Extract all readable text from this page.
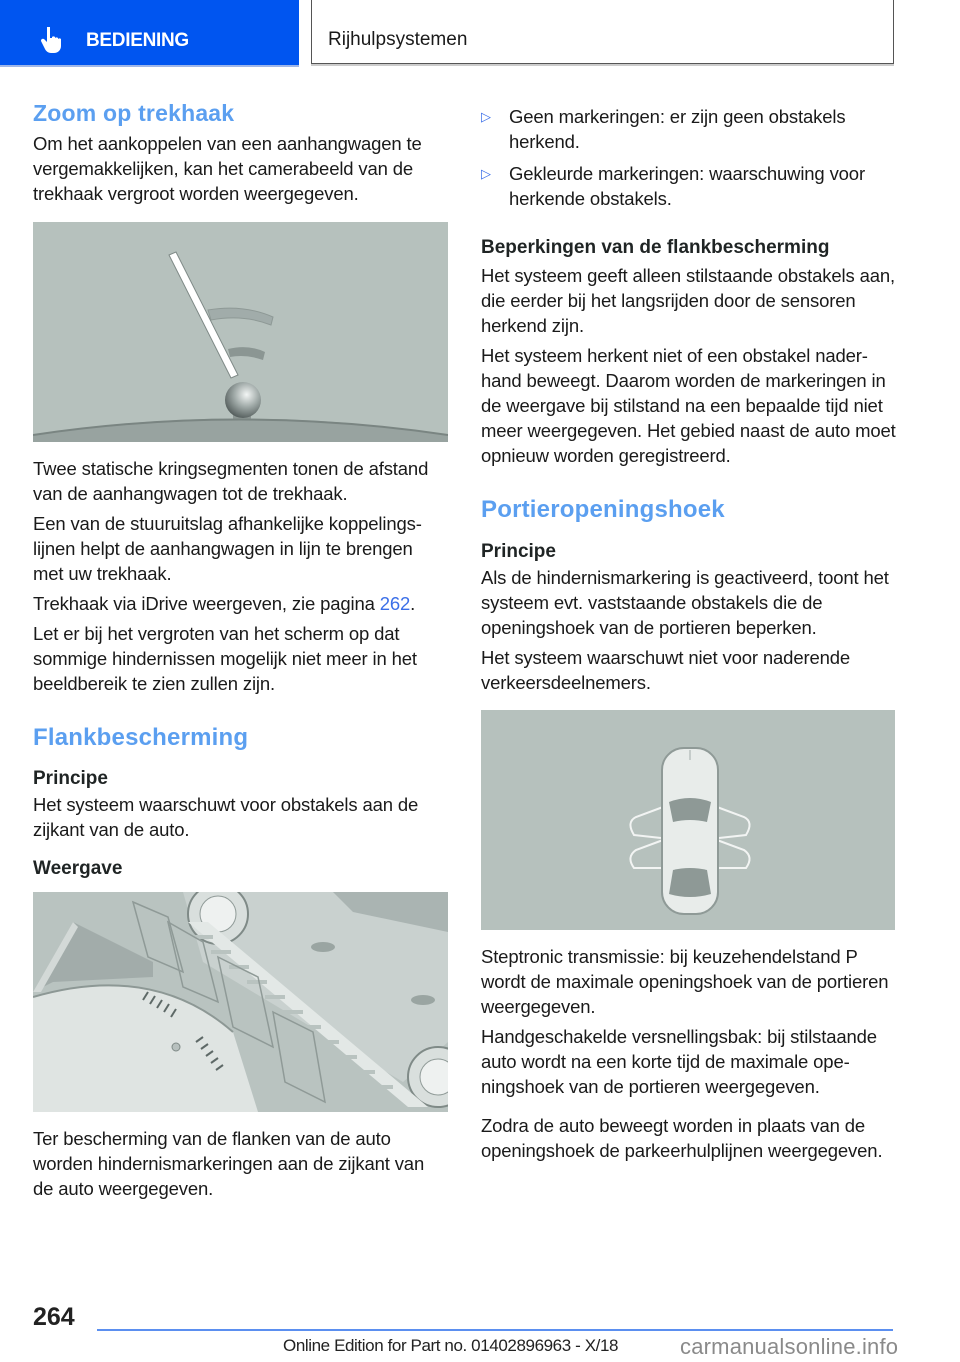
BEDIENING	Rijhulpsystemen
Zoom op trekhaak

Om het aankoppelen van een aanhangwagen te vergemakkelijken, kan het camerabeeld van de trekhaak vergroot worden weergegeven.

Twee statische kringsegmenten tonen de afstand van de aanhangwagen tot de trekhaak.

Een van de stuuruitslag afhankelijke koppelingslijnen helpt de aanhangwagen in lijn te brengen met uw trekhaak.

Trekhaak via iDrive weergeven, zie pagina 262.

Let er bij het vergroten van het scherm op dat sommige hindernissen mogelijk niet meer in het beeldbereik te zien zullen zijn.

Flankbescherming
Principe

Het systeem waarschuwt voor obstakels aan de zijkant van de auto.

Weergave

Ter bescherming van de flanken van de auto worden hindernismarkeringen aan de zijkant van de auto weergegeven.

▷ Geen markeringen: er zijn geen obstakels herkend.
▷ Gekleurde markeringen: waarschuwing voor herkende obstakels.
Beperkingen van de flankbescherming

Het systeem geeft alleen stilstaande obstakels aan, die eerder bij het langsrijden door de sensoren herkend zijn.

Het systeem herkent niet of een obstakel naderhand beweegt. Daarom worden de markeringen in de weergave bij stilstand na een bepaalde tijd niet meer weergegeven. Het gebied naast de auto moet opnieuw worden geregistreerd.

Portieropeningshoek
Principe

Als de hindernismarkering is geactiveerd, toont het systeem evt. vaststaande obstakels die de openingshoek van de portieren beperken.

Het systeem waarschuwt niet voor naderende verkeersdeelnemers.

Steptronic transmissie: bij keuzehendelstand P wordt de maximale openingshoek van de portieren weergegeven.

Handgeschakelde versnellingsbak: bij stilstaande auto wordt na een korte tijd de maximale openingshoek van de portieren weergegeven.

Zodra de auto beweegt worden in plaats van de openingshoek de parkeerhulplijnen weergegeven.

264
Online Edition for Part no. 01402896963 - X/18	carmanualsonline.info
